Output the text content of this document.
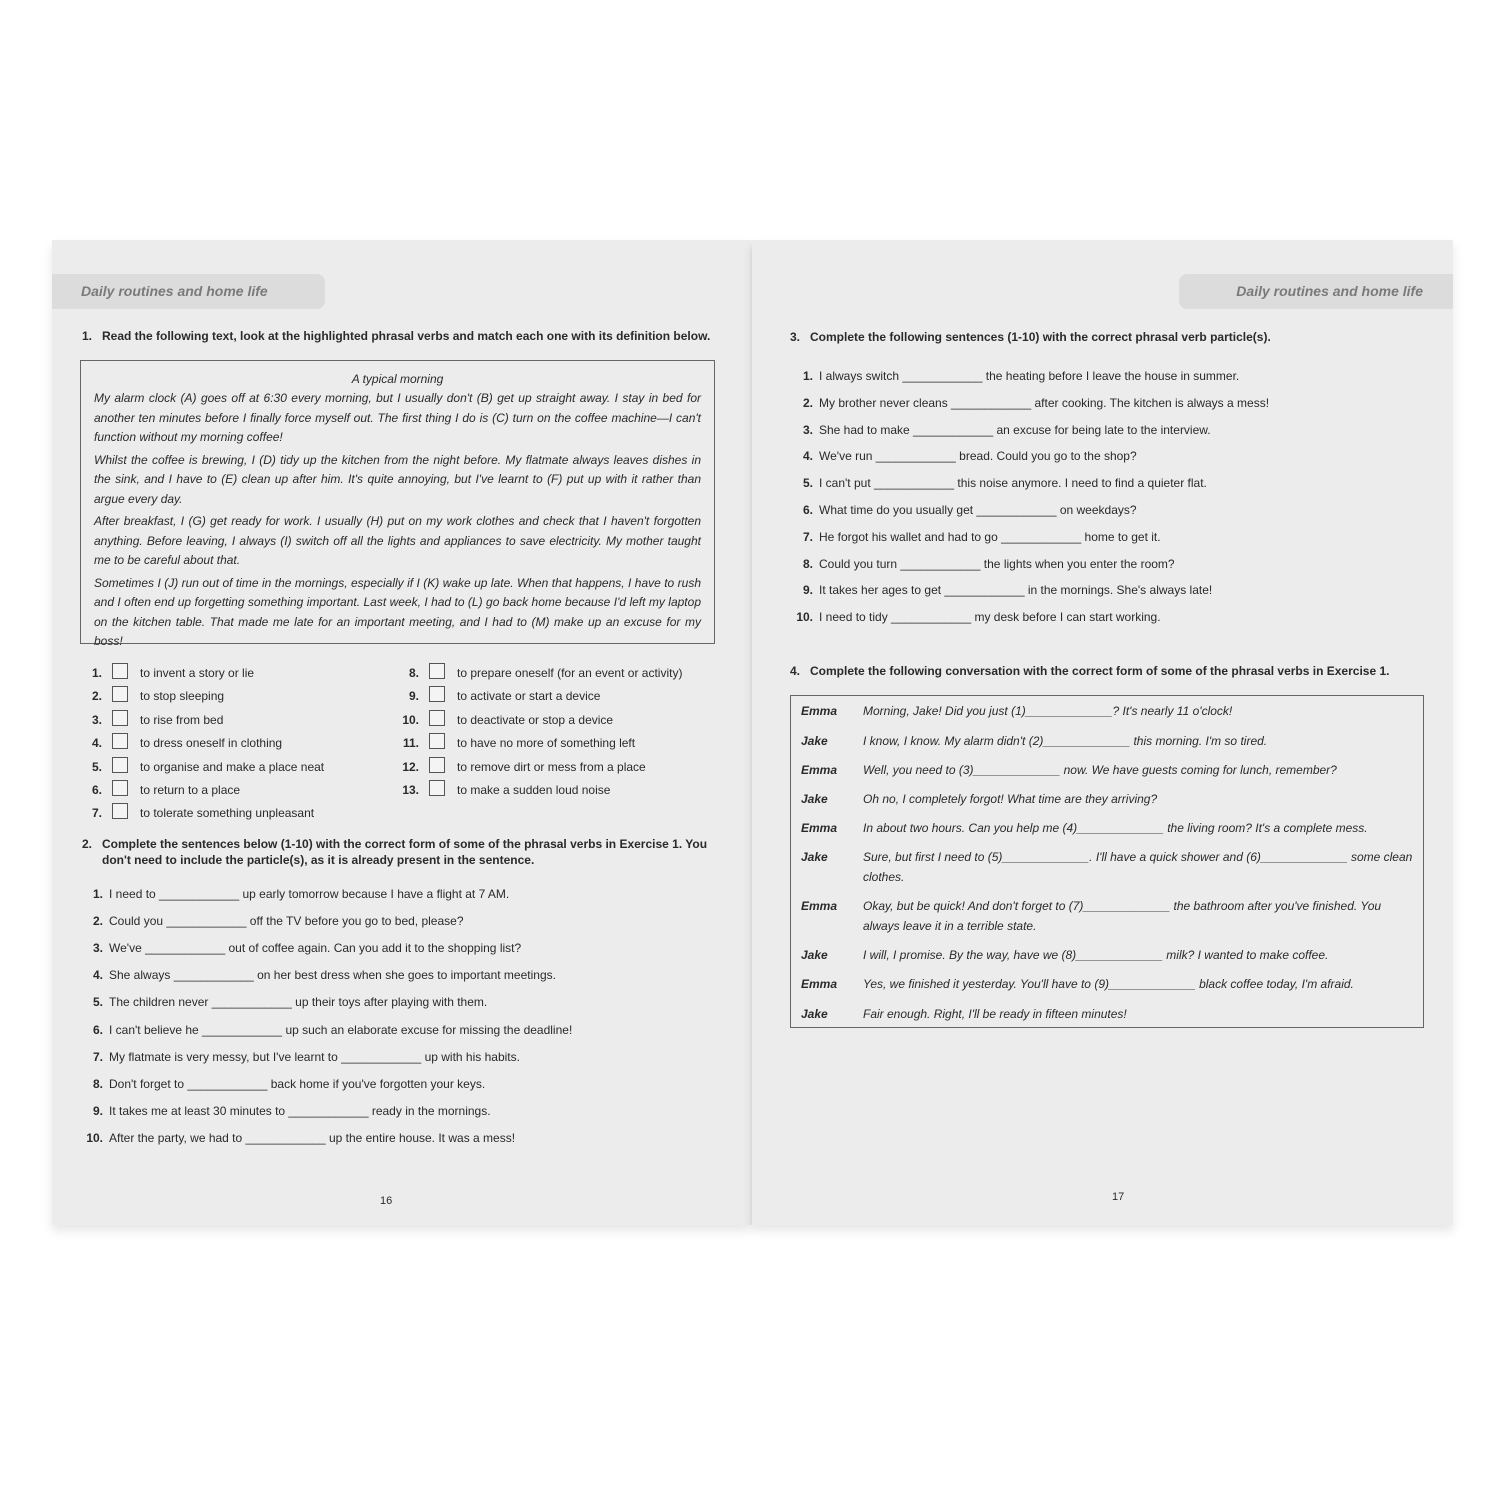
Daily routines and home life
1. Read the following text, look at the highlighted phrasal verbs and match each one with its definition below.
A typical morning

My alarm clock (A) goes off at 6:30 every morning, but I usually don't (B) get up straight away. I stay in bed for another ten minutes before I finally force myself out. The first thing I do is (C) turn on the coffee machine—I can't function without my morning coffee!

Whilst the coffee is brewing, I (D) tidy up the kitchen from the night before. My flatmate always leaves dishes in the sink, and I have to (E) clean up after him. It's quite annoying, but I've learnt to (F) put up with it rather than argue every day.

After breakfast, I (G) get ready for work. I usually (H) put on my work clothes and check that I haven't forgotten anything. Before leaving, I always (I) switch off all the lights and appliances to save electricity. My mother taught me to be careful about that.

Sometimes I (J) run out of time in the mornings, especially if I (K) wake up late. When that happens, I have to rush and I often end up forgetting something important. Last week, I had to (L) go back home because I'd left my laptop on the kitchen table. That made me late for an important meeting, and I had to (M) make up an excuse for my boss!

1.	to invent a story or lie
2.	to stop sleeping
3.	to rise from bed
4.	to dress oneself in clothing
5.	to organise and make a place neat
6.	to return to a place
7.	to tolerate something unpleasant
8.	to prepare oneself (for an event or activity)
9.	to activate or start a device
10.	to deactivate or stop a device
11.	to have no more of something left
12.	to remove dirt or mess from a place
13.	to make a sudden loud noise
2. Complete the sentences below (1-10) with the correct form of some of the phrasal verbs in Exercise 1. You don't need to include the particle(s), as it is already present in the sentence.
1. I need to ____________ up early tomorrow because I have a flight at 7 AM.
2. Could you ____________ off the TV before you go to bed, please?
3. We've ____________ out of coffee again. Can you add it to the shopping list?
4. She always ____________ on her best dress when she goes to important meetings.
5. The children never ____________ up their toys after playing with them.
6. I can't believe he ____________ up such an elaborate excuse for missing the deadline!
7. My flatmate is very messy, but I've learnt to ____________ up with his habits.
8. Don't forget to ____________ back home if you've forgotten your keys.
9. It takes me at least 30 minutes to ____________ ready in the mornings.
10. After the party, we had to ____________ up the entire house. It was a mess!
16
Daily routines and home life
3. Complete the following sentences (1-10) with the correct phrasal verb particle(s).
1. I always switch ____________ the heating before I leave the house in summer.
2. My brother never cleans ____________ after cooking. The kitchen is always a mess!
3. She had to make ____________ an excuse for being late to the interview.
4. We've run ____________ bread. Could you go to the shop?
5. I can't put ____________ this noise anymore. I need to find a quieter flat.
6. What time do you usually get ____________ on weekdays?
7. He forgot his wallet and had to go ____________ home to get it.
8. Could you turn ____________ the lights when you enter the room?
9. It takes her ages to get ____________ in the mornings. She's always late!
10. I need to tidy ____________ my desk before I can start working.
4. Complete the following conversation with the correct form of some of the phrasal verbs in Exercise 1.
Emma Morning, Jake! Did you just (1)_____________? It's nearly 11 o'clock!
Jake	I know, I know. My alarm didn't (2)_____________ this morning. I'm so tired.
Emma Well, you need to (3)_____________ now. We have guests coming for lunch, remember?
Jake	Oh no, I completely forgot! What time are they arriving?
Emma In about two hours. Can you help me (4)_____________ the living room? It's a complete mess.
Jake	Sure, but first I need to (5)_____________. I'll have a quick shower and (6)_____________ some clean clothes.
Emma Okay, but be quick! And don't forget to (7)_____________ the bathroom after you've finished. You always leave it in a terrible state.
Jake	I will, I promise. By the way, have we (8)_____________ milk? I wanted to make coffee.
Emma Yes, we finished it yesterday. You'll have to (9)_____________ black coffee today, I'm afraid.
Jake	Fair enough. Right, I'll be ready in fifteen minutes!
17
